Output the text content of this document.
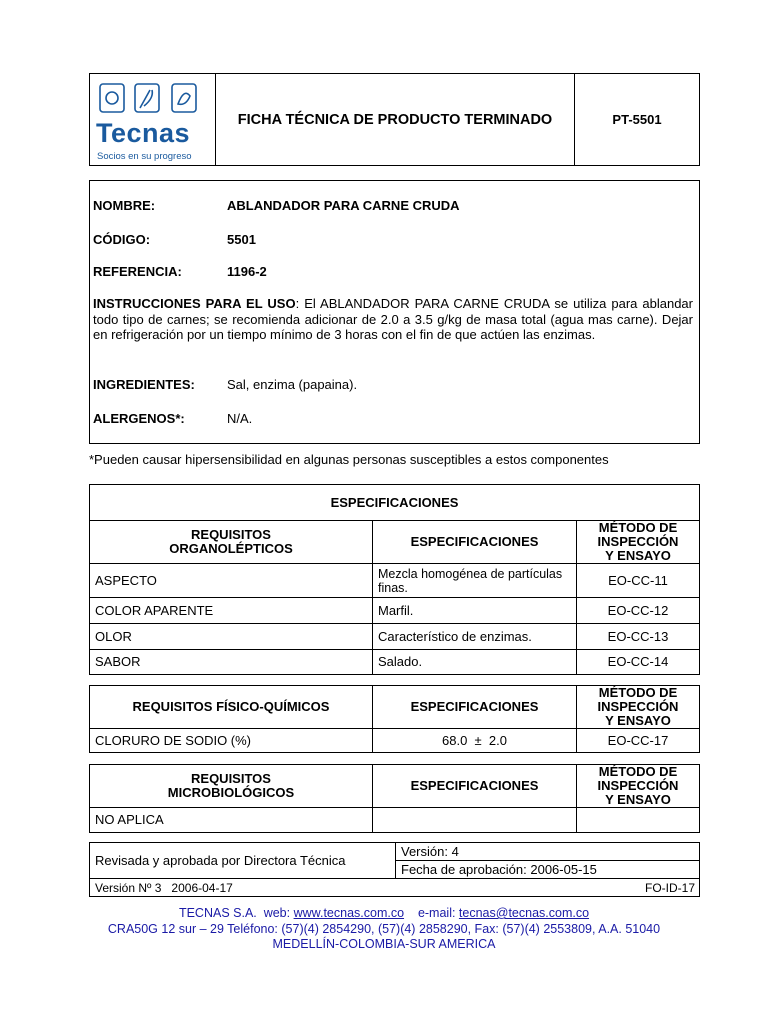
Tecnas
Socios en su progreso
	FICHA TÉCNICA DE PRODUCTO TERMINADO	PT-5501
NOMBRE:	ABLANDADOR PARA CARNE CRUDA
CÓDIGO:	5501
REFERENCIA:	1196-2
INSTRUCCIONES PARA EL USO: El ABLANDADOR PARA CARNE CRUDA se utiliza para ablandar todo tipo de carnes; se recomienda adicionar de 2.0 a 3.5 g/kg de masa total (agua mas carne). Dejar en refrigeración por un tiempo mínimo de 3 horas con el fin de que actúen las enzimas.
INGREDIENTES: Sal, enzima (papaina).
ALERGENOS*:	N/A.
*Pueden causar hipersensibilidad en algunas personas susceptibles a estos componentes
ESPECIFICACIONES		
REQUISITOS ORGANOLÉPTICOS	ESPECIFICACIONES	MÉTODO DE INSPECCIÓN Y ENSAYO
ASPECTO	Mezcla homogénea de partículas finas.	EO-CC-11
COLOR APARENTE	Marfil.	EO-CC-12
OLOR	Característico de enzimas.	EO-CC-13
SABOR	Salado.	EO-CC-14
REQUISITOS FÍSICO-QUÍMICOS	ESPECIFICACIONES	MÉTODO DE INSPECCIÓN Y ENSAYO
CLORURO DE SODIO (%)	68.0  ±  2.0	EO-CC-17
REQUISITOS MICROBIOLÓGICOS	ESPECIFICACIONES	MÉTODO DE INSPECCIÓN Y ENSAYO
NO APLICA		
Revisada y aprobada por Directora Técnica	Versión: 4
Fecha de aprobación: 2006-05-15
Versión Nº 3   2006-04-17	FO-ID-17
TECNAS S.A.  web: www.tecnas.com.co    e-mail: tecnas@tecnas.com.co
CRA50G 12 sur – 29 Teléfono: (57)(4) 2854290, (57)(4) 2858290, Fax: (57)(4) 2553809, A.A. 51040
MEDELLÍN-COLOMBIA-SUR AMERICA
